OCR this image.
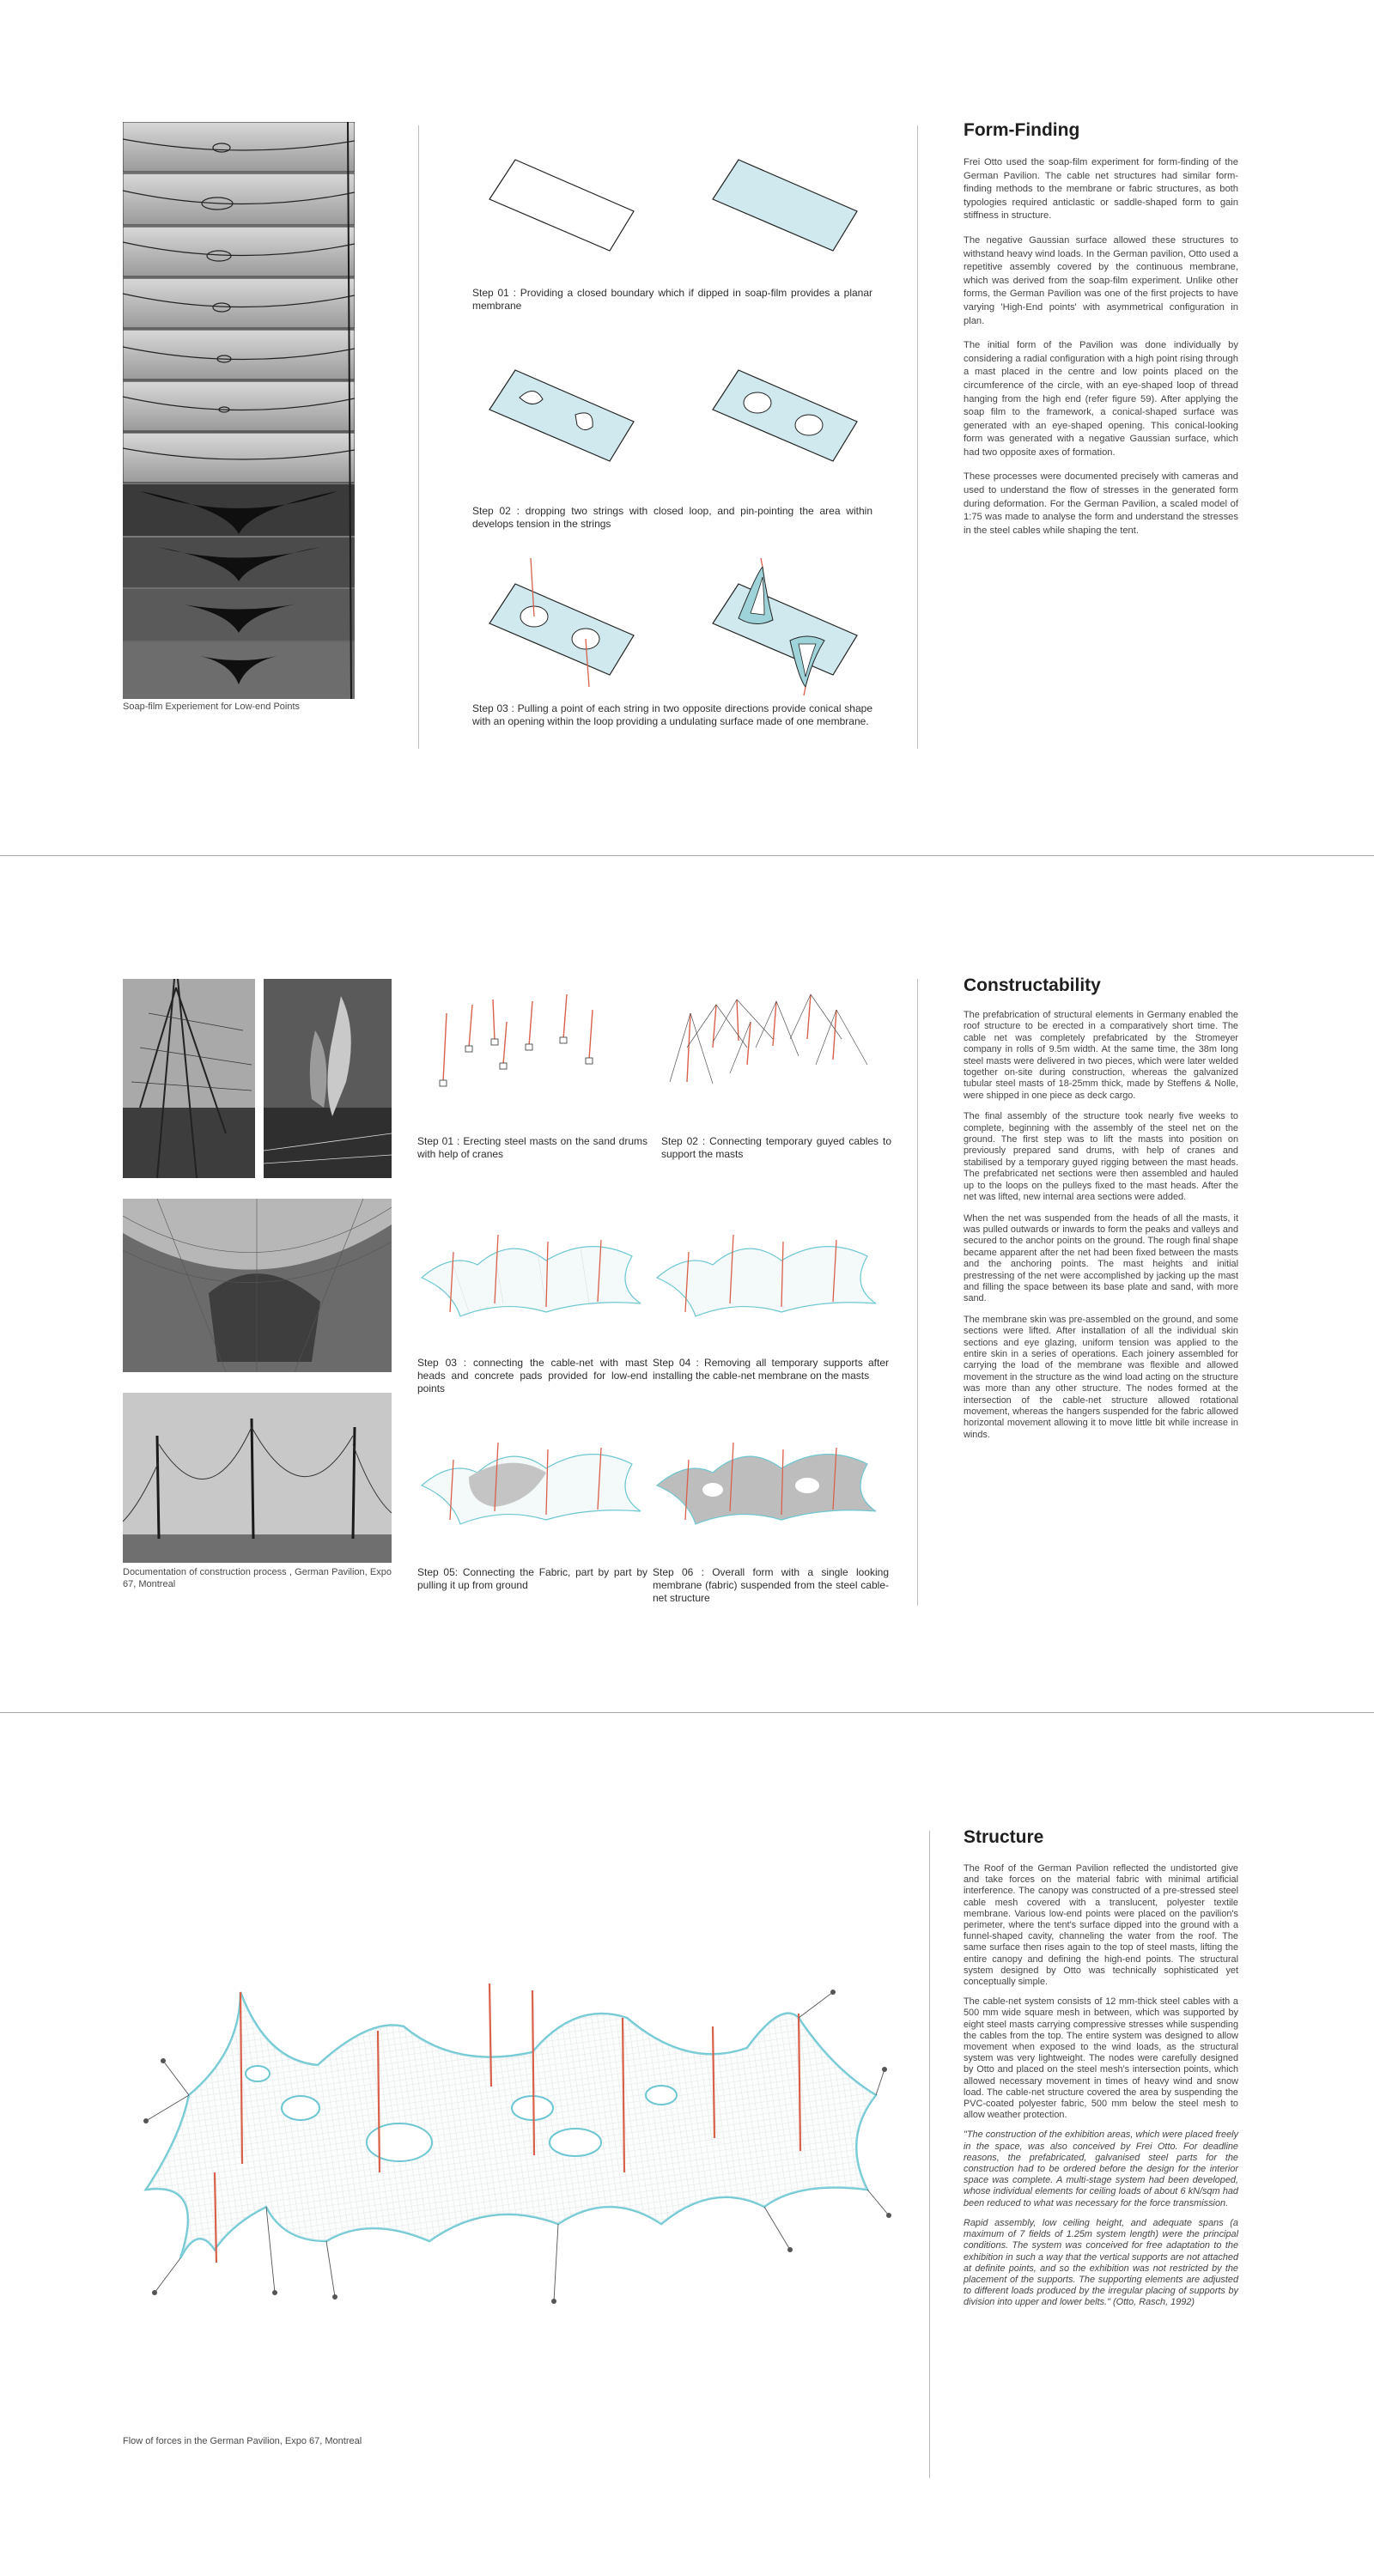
Soap-film Experiement for Low-end Points
Step 01 : Providing a closed boundary which if dipped in soap-film provides a planar membrane
Step 02 : dropping two strings with closed loop, and pin-pointing the area within develops tension in the strings
Step 03 : Pulling a point of each string in two opposite directions provide conical shape with an opening within the loop providing a undulating surface made of one membrane.
Form-Finding

Frei Otto used the soap-film experiment for form-finding of the German Pavilion. The cable net structures had similar form-finding methods to the membrane or fabric structures, as both typologies required anticlastic or saddle-shaped form to gain stiffness in structure.

The negative Gaussian surface allowed these structures to withstand heavy wind loads. In the German pavilion, Otto used a repetitive assembly covered by the continuous membrane, which was derived from the soap-film experiment. Unlike other forms, the German Pavilion was one of the first projects to have varying 'High-End points' with asymmetrical configuration in plan.

The initial form of the Pavilion was done individually by considering a radial configuration with a high point rising through a mast placed in the centre and low points placed on the circumference of the circle, with an eye-shaped loop of thread hanging from the high end (refer figure 59). After applying the soap film to the framework, a conical-shaped surface was generated with an eye-shaped opening. This conical-looking form was generated with a negative Gaussian surface, which had two opposite axes of formation.

These processes were documented precisely with cameras and used to understand the flow of stresses in the generated form during deformation. For the German Pavilion, a scaled model of 1:75 was made to analyse the form and understand the stresses in the steel cables while shaping the tent.

Documentation of construction process , German Pavilion, Expo 67, Montreal
Step 01 : Erecting steel masts on the sand drums with help of cranes
Step 02 : Connecting temporary guyed cables to support the masts
Step 03 : connecting the cable-net with mast heads and concrete pads provided for low-end points
Step 04 : Removing all temporary supports after installing the cable-net membrane on the masts
Step 05: Connecting the Fabric, part by part by pulling it up from ground
Step 06 : Overall form with a single looking membrane (fabric) suspended from the steel cable-net structure
Constructability

The prefabrication of structural elements in Germany enabled the roof structure to be erected in a comparatively short time. The cable net was completely prefabricated by the Stromeyer company in rolls of 9.5m width. At the same time, the 38m long steel masts were delivered in two pieces, which were later welded together on-site during construction, whereas the galvanized tubular steel masts of 18-25mm thick, made by Steffens & Nolle, were shipped in one piece as deck cargo.

The final assembly of the structure took nearly five weeks to complete, beginning with the assembly of the steel net on the ground. The first step was to lift the masts into position on previously prepared sand drums, with help of cranes and stabilised by a temporary guyed rigging between the mast heads. The prefabricated net sections were then assembled and hauled up to the loops on the pulleys fixed to the mast heads. After the net was lifted, new internal area sections were added.

When the net was suspended from the heads of all the masts, it was pulled outwards or inwards to form the peaks and valleys and secured to the anchor points on the ground. The rough final shape became apparent after the net had been fixed between the masts and the anchoring points. The mast heights and initial prestressing of the net were accomplished by jacking up the mast and filling the space between its base plate and sand, with more sand.

The membrane skin was pre-assembled on the ground, and some sections were lifted. After installation of all the individual skin sections and eye glazing, uniform tension was applied to the entire skin in a series of operations. Each joinery assembled for carrying the load of the membrane was flexible and allowed movement in the structure as the wind load acting on the structure was more than any other structure. The nodes formed at the intersection of the cable-net structure allowed rotational movement, whereas the hangers suspended for the fabric allowed horizontal movement allowing it to move little bit while increase in winds.

Flow of forces in the German Pavilion, Expo 67, Montreal
Structure

The Roof of the German Pavilion reflected the undistorted give and take forces on the material fabric with minimal artificial interference. The canopy was constructed of a pre-stressed steel cable mesh covered with a translucent, polyester textile membrane. Various low-end points were placed on the pavilion's perimeter, where the tent's surface dipped into the ground with a funnel-shaped cavity, channeling the water from the roof. The same surface then rises again to the top of steel masts, lifting the entire canopy and defining the high-end points. The structural system designed by Otto was technically sophisticated yet conceptually simple.

The cable-net system consists of 12 mm-thick steel cables with a 500 mm wide square mesh in between, which was supported by eight steel masts carrying compressive stresses while suspending the cables from the top. The entire system was designed to allow movement when exposed to the wind loads, as the structural system was very lightweight. The nodes were carefully designed by Otto and placed on the steel mesh's intersection points, which allowed necessary movement in times of heavy wind and snow load. The cable-net structure covered the area by suspending the PVC-coated polyester fabric, 500 mm below the steel mesh to allow weather protection.

"The construction of the exhibition areas, which were placed freely in the space, was also conceived by Frei Otto. For deadline reasons, the prefabricated, galvanised steel parts for the construction had to be ordered before the design for the interior space was complete. A multi-stage system had been developed, whose individual elements for ceiling loads of about 6 kN/sqm had been reduced to what was necessary for the force transmission.

Rapid assembly, low ceiling height, and adequate spans (a maximum of 7 fields of 1.25m system length) were the principal conditions. The system was conceived for free adaptation to the exhibition in such a way that the vertical supports are not attached at definite points, and so the exhibition was not restricted by the placement of the supports. The supporting elements are adjusted to different loads produced by the irregular placing of supports by division into upper and lower belts." (Otto, Rasch, 1992)
